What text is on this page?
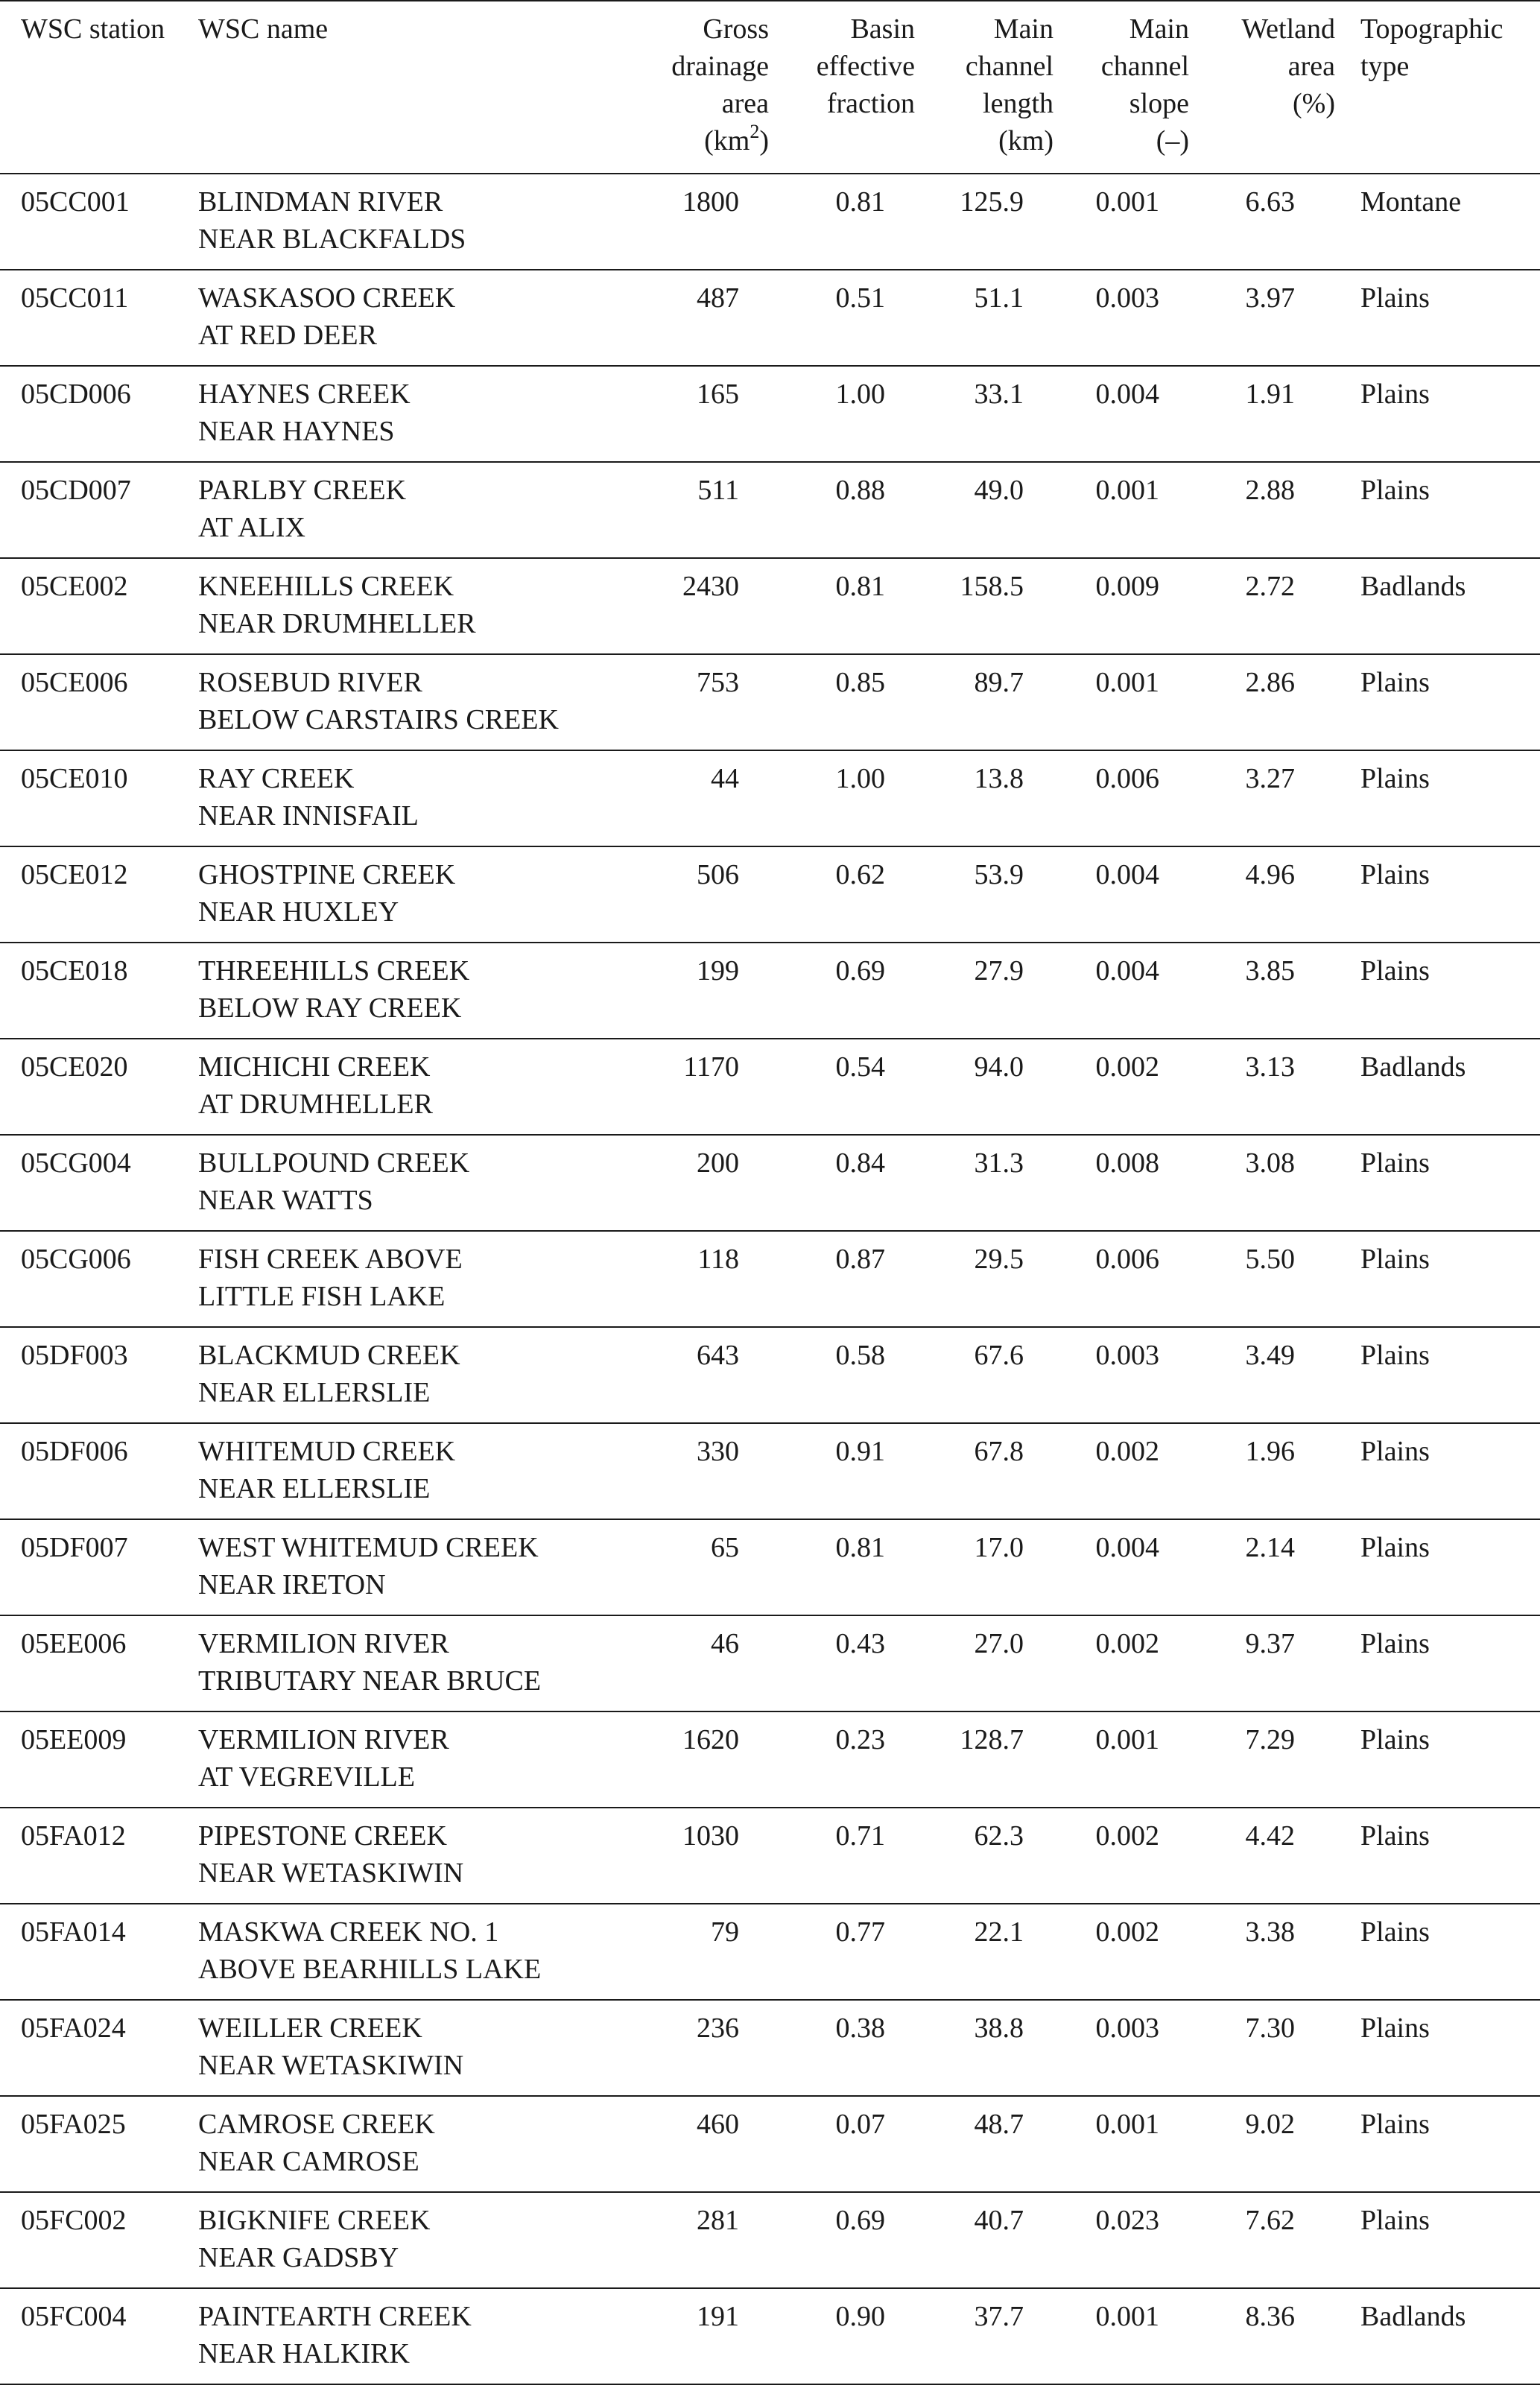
WSC station	WSC name	Gross
drainage
area
$(km^2)$	Basin
effective
fraction	Main
channel
length
(km)	Main
channel
slope
(–)	Wetland
area
(%)	Topographic
type

05CC001	BLINDMAN RIVER
NEAR BLACKFALDS	1800	0.81	125.9	0.001	6.63	Montane
05CC011	WASKASOO CREEK
AT RED DEER	487	0.51	51.1	0.003	3.97	Plains
05CD006	HAYNES CREEK
NEAR HAYNES	165	1.00	33.1	0.004	1.91	Plains
05CD007	PARLBY CREEK
AT ALIX	511	0.88	49.0	0.001	2.88	Plains
05CE002	KNEEHILLS CREEK
NEAR DRUMHELLER	2430	0.81	158.5	0.009	2.72	Badlands
05CE006	ROSEBUD RIVER
BELOW CARSTAIRS CREEK	753	0.85	89.7	0.001	2.86	Plains
05CE010	RAY CREEK
NEAR INNISFAIL	44	1.00	13.8	0.006	3.27	Plains
05CE012	GHOSTPINE CREEK
NEAR HUXLEY	506	0.62	53.9	0.004	4.96	Plains
05CE018	THREEHILLS CREEK
BELOW RAY CREEK	199	0.69	27.9	0.004	3.85	Plains
05CE020	MICHICHI CREEK
AT DRUMHELLER	1170	0.54	94.0	0.002	3.13	Badlands
05CG004	BULLPOUND CREEK
NEAR WATTS	200	0.84	31.3	0.008	3.08	Plains
05CG006	FISH CREEK ABOVE
LITTLE FISH LAKE	118	0.87	29.5	0.006	5.50	Plains
05DF003	BLACKMUD CREEK
NEAR ELLERSLIE	643	0.58	67.6	0.003	3.49	Plains
05DF006	WHITEMUD CREEK
NEAR ELLERSLIE	330	0.91	67.8	0.002	1.96	Plains
05DF007	WEST WHITEMUD CREEK
NEAR IRETON	65	0.81	17.0	0.004	2.14	Plains
05EE006	VERMILION RIVER
TRIBUTARY NEAR BRUCE	46	0.43	27.0	0.002	9.37	Plains
05EE009	VERMILION RIVER
AT VEGREVILLE	1620	0.23	128.7	0.001	7.29	Plains
05FA012	PIPESTONE CREEK
NEAR WETASKIWIN	1030	0.71	62.3	0.002	4.42	Plains
05FA014	MASKWA CREEK NO. 1
ABOVE BEARHILLS LAKE	79	0.77	22.1	0.002	3.38	Plains
05FA024	WEILLER CREEK
NEAR WETASKIWIN	236	0.38	38.8	0.003	7.30	Plains
05FA025	CAMROSE CREEK
NEAR CAMROSE	460	0.07	48.7	0.001	9.02	Plains
05FC002	BIGKNIFE CREEK
NEAR GADSBY	281	0.69	40.7	0.023	7.62	Plains
05FC004	PAINTEARTH CREEK
NEAR HALKIRK	191	0.90	37.7	0.001	8.36	Badlands
